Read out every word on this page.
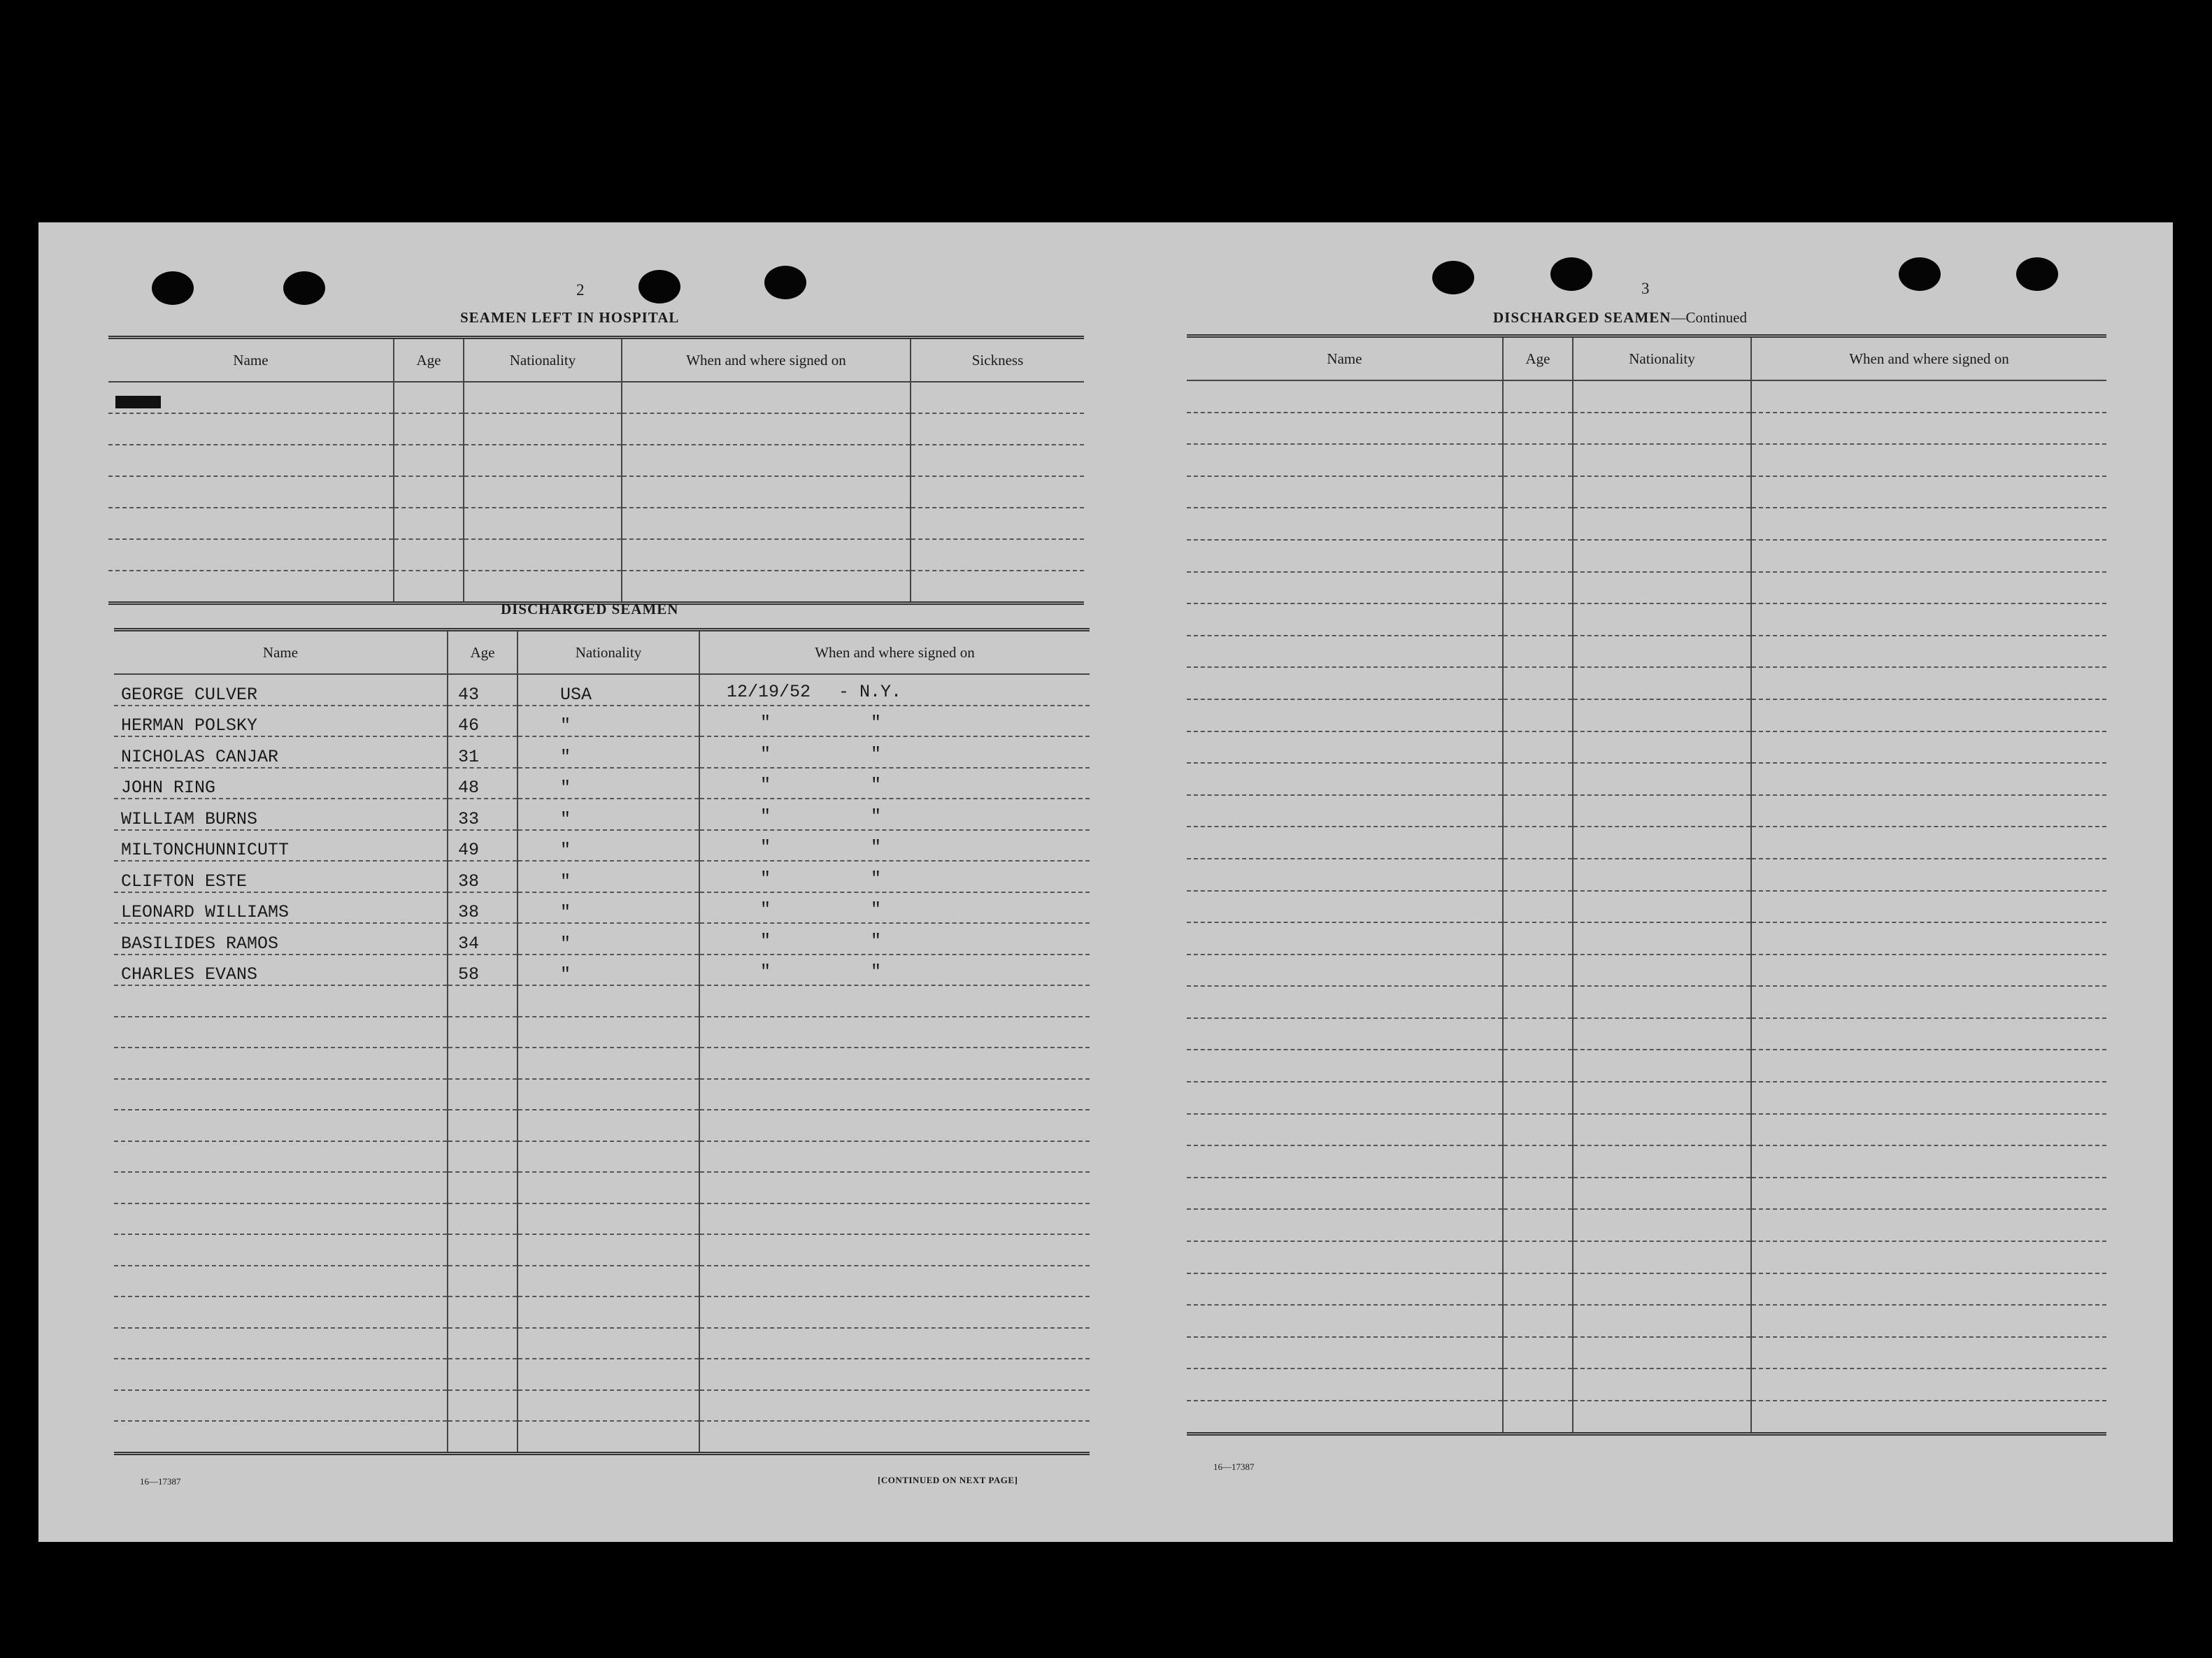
2
SEAMEN LEFT IN HOSPITAL
Name	Age	Nationality	When and where signed on	Sickness
XXXXXX				

DISCHARGED SEAMEN
Name	Age	Nationality	When and where signed on
GEORGE CULVER	43	USA	12/19/52 - N.Y.

HERMAN POLSKY	46	"	" "

NICHOLAS CANJAR	31	"	" "

JOHN RING	48	"	" "

WILLIAM BURNS	33	"	" "

MILTONCHUNNICUTT	49	"	" "

CLIFTON ESTE	38	"	" "

LEONARD WILLIAMS	38	"	" "

BASILIDES RAMOS	34	"	" "

CHARLES EVANS	58	"	" "

16—17387	[CONTINUED ON NEXT PAGE]
3
DISCHARGED SEAMEN—Continued
Name	Age	Nationality	When and where signed on

16—17387
